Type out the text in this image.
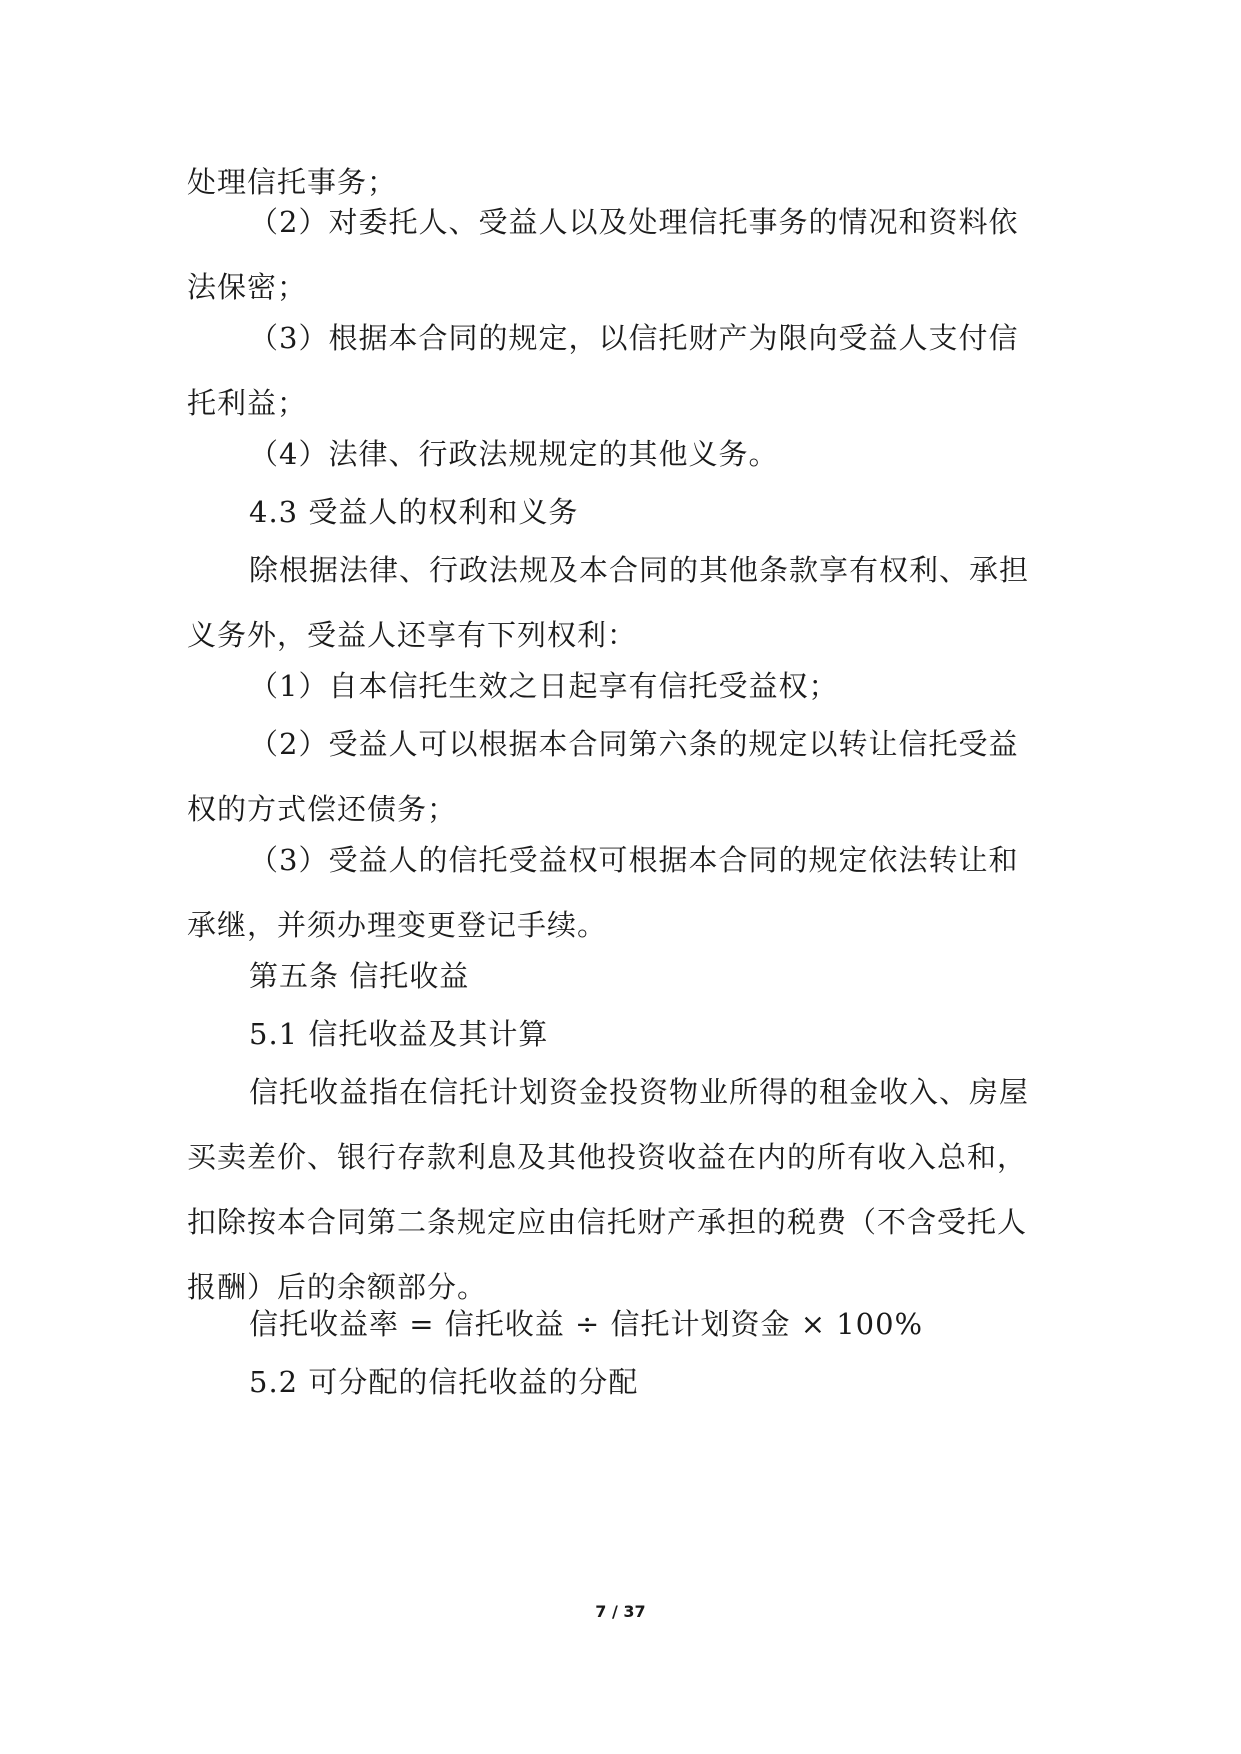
处理信托事务；

（2）对委托人、受益人以及处理信托事务的情况和资料依
法保密；

（3）根据本合同的规定，以信托财产为限向受益人支付信
托利益；

（4）法律、行政法规规定的其他义务。

4.3 受益人的权利和义务

除根据法律、行政法规及本合同的其他条款享有权利、承担
义务外，受益人还享有下列权利：

（1）自本信托生效之日起享有信托受益权；

（2）受益人可以根据本合同第六条的规定以转让信托受益
权的方式偿还债务；

（3）受益人的信托受益权可根据本合同的规定依法转让和
承继，并须办理变更登记手续。

第五条 信托收益

5.1 信托收益及其计算

信托收益指在信托计划资金投资物业所得的租金收入、房屋
买卖差价、银行存款利息及其他投资收益在内的所有收入总和，
扣除按本合同第二条规定应由信托财产承担的税费（不含受托人
报酬）后的余额部分。

信托收益率 = 信托收益 ÷ 信托计划资金 × 100%

5.2 可分配的信托收益的分配

7 / 37
